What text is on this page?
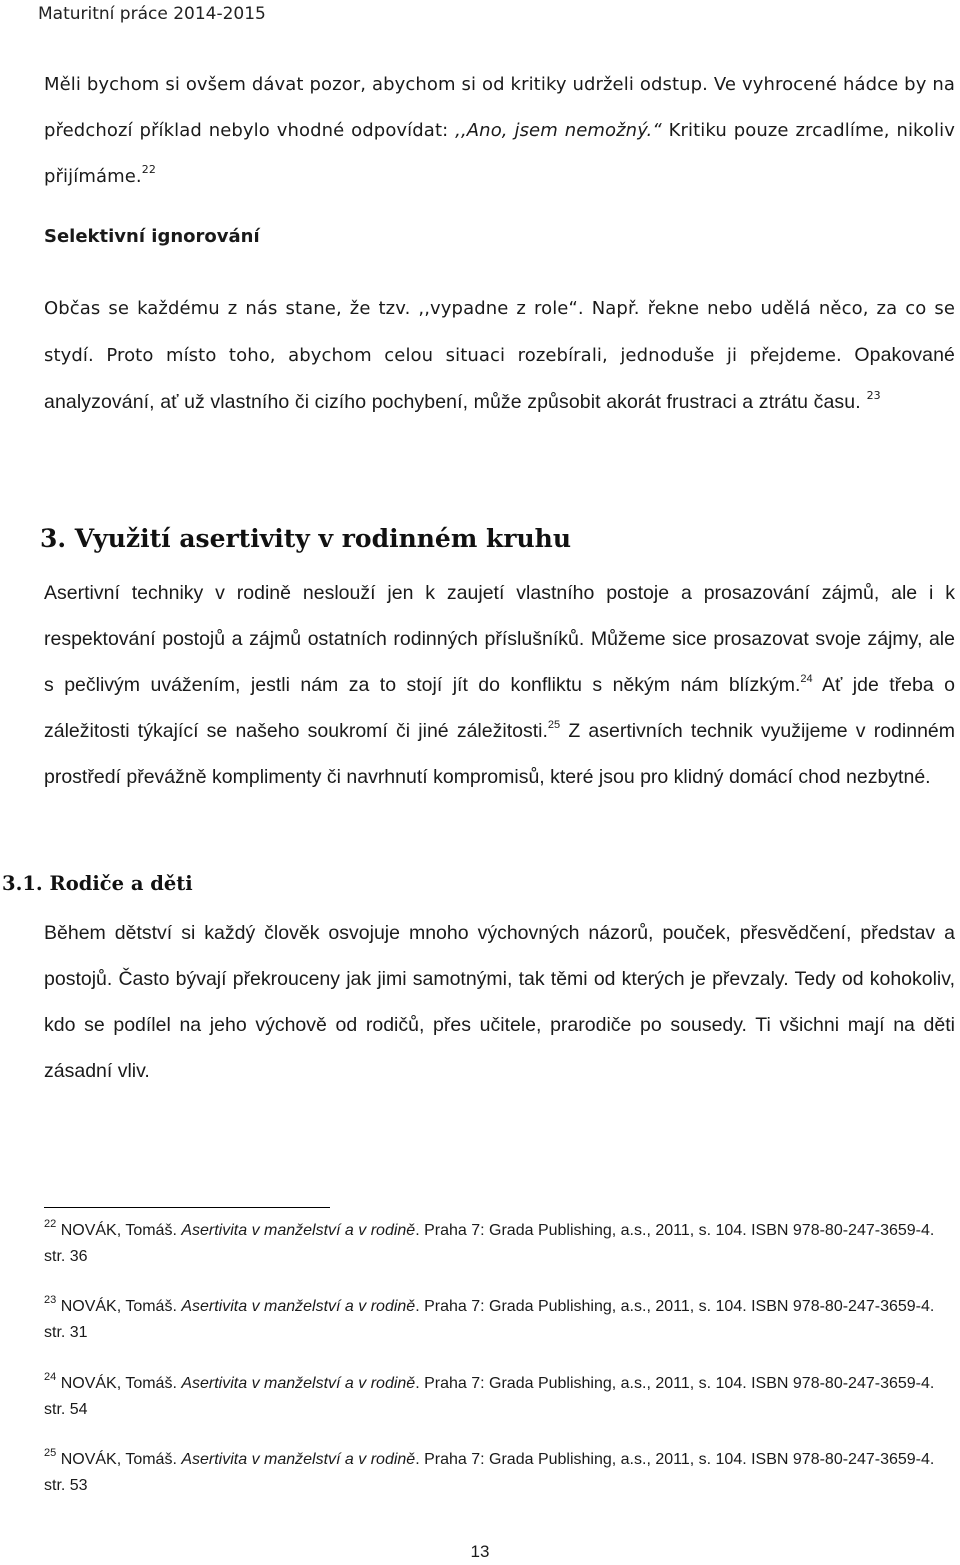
Maturitní práce 2014-2015

Měli bychom si ovšem dávat pozor, abychom si od kritiky udrželi odstup. Ve vyhrocené hádce by na předchozí příklad nebylo vhodné odpovídat: ,,Ano, jsem nemožný.“ Kritiku pouze zrcadlíme, nikoliv přijímáme.$^{22}$

Selektivní ignorování

Občas se každému z nás stane, že tzv. ,,vypadne z role“. Např. řekne nebo udělá něco, za co se stydí. Proto místo toho, abychom celou situaci rozebírali, jednoduše ji přejdeme. Opakované analyzování, ať už vlastního či cizího pochybení, může způsobit akorát frustraci a ztrátu času. $^{23}$

3. Využití asertivity v rodinném kruhu

Asertivní techniky v rodině neslouží jen k zaujetí vlastního postoje a prosazování zájmů, ale i k respektování postojů a zájmů ostatních rodinných příslušníků. Můžeme sice prosazovat svoje zájmy, ale s pečlivým uvážením, jestli nám za to stojí jít do konfliktu s někým nám blízkým.$^{24}$ Ať jde třeba o záležitosti týkající se našeho soukromí či jiné záležitosti.$^{25}$ Z asertivních technik využijeme v rodinném prostředí převážně komplimenty či navrhnutí kompromisů, které jsou pro klidný domácí chod nezbytné.

3.1. Rodiče a děti

Během dětství si každý člověk osvojuje mnoho výchovných názorů, pouček, přesvědčení, představ a postojů. Často bývají překrouceny jak jimi samotnými, tak těmi od kterých je převzaly. Tedy od kohokoliv, kdo se podílel na jeho výchově od rodičů, přes učitele, prarodiče po sousedy. Ti všichni mají na děti zásadní vliv.

$^{22}$ NOVÁK, Tomáš. Asertivita v manželství a v rodině. Praha 7: Grada Publishing, a.s., 2011, s. 104. ISBN 978-80-247-3659-4. str. 36

$^{23}$ NOVÁK, Tomáš. Asertivita v manželství a v rodině. Praha 7: Grada Publishing, a.s., 2011, s. 104. ISBN 978-80-247-3659-4. str. 31

$^{24}$ NOVÁK, Tomáš. Asertivita v manželství a v rodině. Praha 7: Grada Publishing, a.s., 2011, s. 104. ISBN 978-80-247-3659-4. str. 54

$^{25}$ NOVÁK, Tomáš. Asertivita v manželství a v rodině. Praha 7: Grada Publishing, a.s., 2011, s. 104. ISBN 978-80-247-3659-4. str. 53

13
